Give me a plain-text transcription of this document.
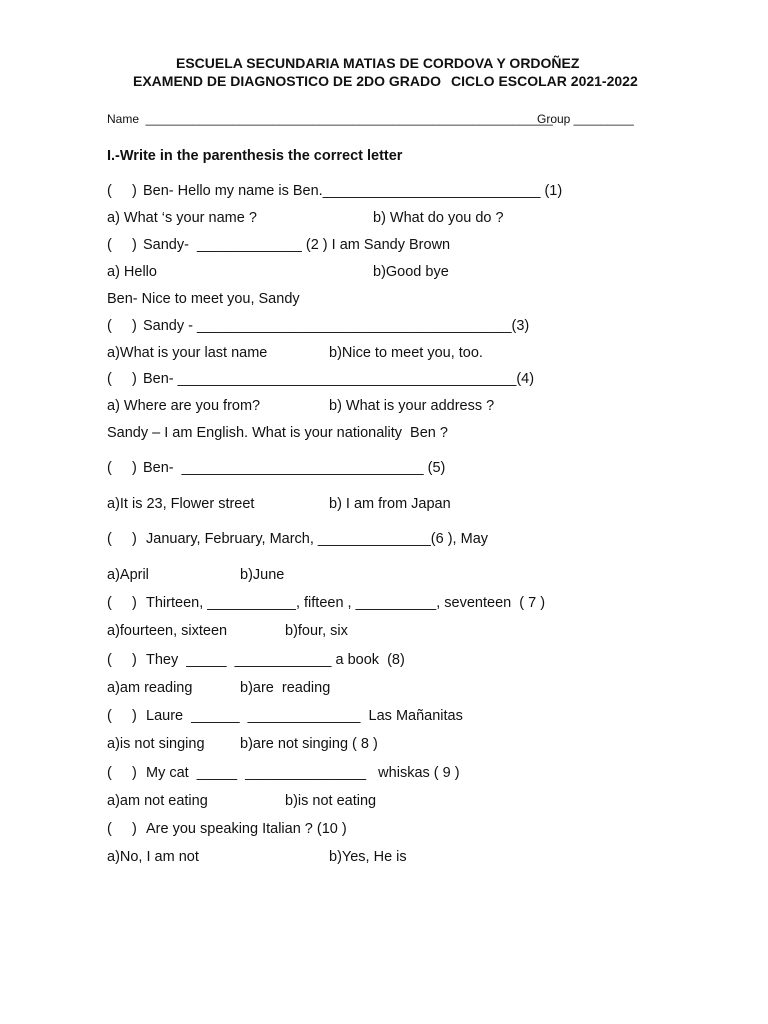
ESCUELA SECUNDARIA MATIAS DE CORDOVA Y ORDOÑEZ
EXAMEND DE DIAGNOSTICO DE 2DO GRADO CICLO ESCOLAR 2021-2022
Name  _____________________________________________________________
Group _________
I.-Write in the parenthesis the correct letter
(     ) Ben- Hello my name is Ben.___________________________ (1)
a) What ‘s your name ?	b) What do you do ?
(     ) Sandy-  _____________ (2 ) I am Sandy Brown
a) Hello	b)Good bye
Ben- Nice to meet you, Sandy
(     ) Sandy - _______________________________________(3)
a)What is your last name	b)Nice to meet you, too.
(     ) Ben- __________________________________________(4)
a) Where are you from?	b) What is your address ?
Sandy – I am English. What is your nationality  Ben ?
(     ) Ben-  ______________________________ (5)
a)It is 23, Flower street	b) I am from Japan
(     ) January, February, March, ______________(6 ), May
a)April	b)June
(     ) Thirteen, ___________, fifteen , __________, seventeen  ( 7 )
a)fourteen, sixteen	b)four, six
(     ) They  _____  ____________ a book  (8)
a)am reading	b)are  reading
(     ) Laure  ______  ______________  Las Mañanitas
a)is not singing b)are not singing ( 8 )
(     ) My cat  _____  _______________   whiskas ( 9 )
a)am not eating	b)is not eating
(     ) Are you speaking Italian ? (10 )
a)No, I am not	b)Yes, He is
